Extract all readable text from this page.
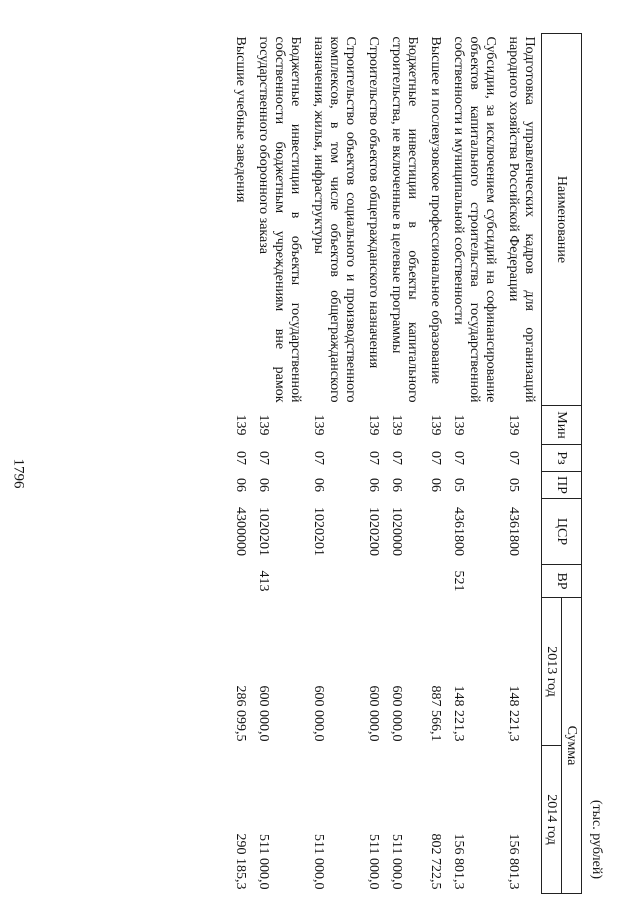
1796
(тыс. рублей)
Наименование	Мин	Рз	ПР	ЦСР	ВР	Сумма	
						2013 год	2014 год
Подготовка управленческих кадров для организаций народного хозяйства Российской Федерации	139	07	05	4361800		148 221,3	156 801,3
Субсидии, за исключением субсидий на софинансирование объектов капитального строительства государственной собственности и муниципальной собственности	139	07	05	4361800	521	148 221,3	156 801,3
Высшее и послевузовское профессиональное образование	139	07	06			887 566,1	802 722,5
Бюджетные инвестиции в объекты капитального строительства, не включенные в целевые программы	139	07	06	1020000		600 000,0	511 000,0
Строительство объектов общегражданского назначения	139	07	06	1020200		600 000,0	511 000,0
Строительство объектов социального и производственного комплексов, в том числе объектов общегражданского назначения, жилья, инфраструктуры	139	07	06	1020201		600 000,0	511 000,0
Бюджетные инвестиции в объекты государственной собственности бюджетным учреждениям вне рамок государственного оборонного заказа	139	07	06	1020201	413	600 000,0	511 000,0
Высшие учебные заведения	139	07	06	4300000		286 099,5	290 185,3
